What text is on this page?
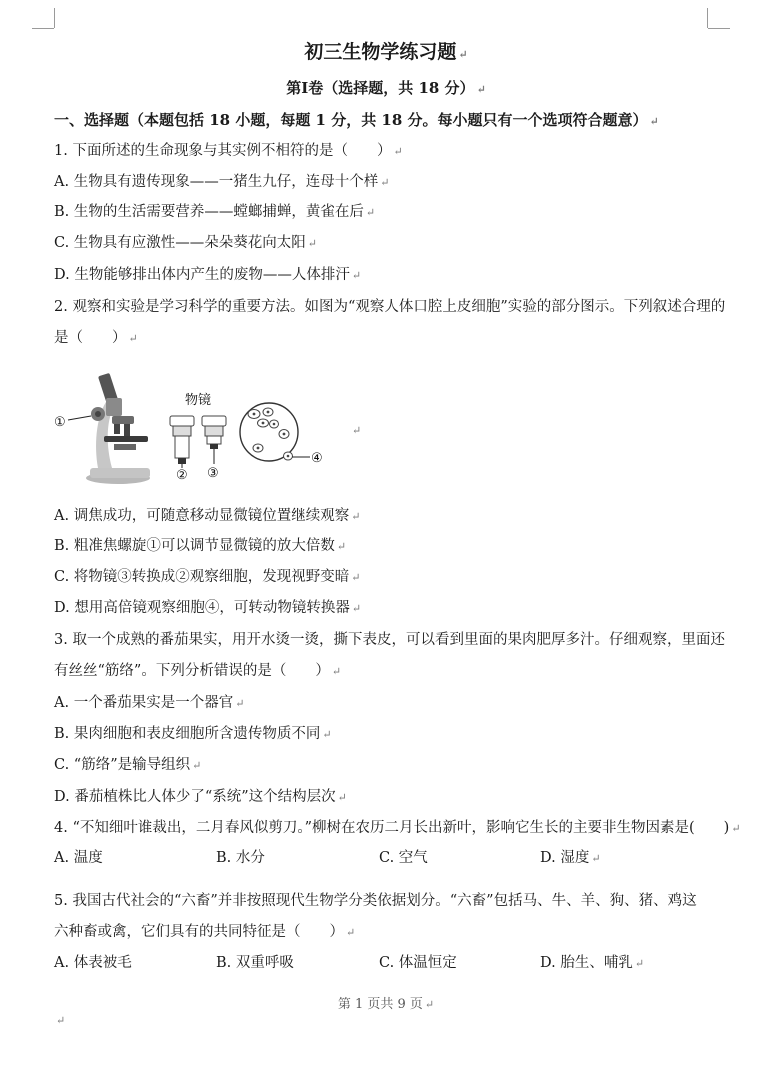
初三生物学练习题 ↵
第Ⅰ卷（选择题，共 18 分） ↵
一、选择题（本题包括 18 小题，每题 1 分，共 18 分。每小题只有一个选项符合题意） ↵
1. 下面所述的生命现象与其实例不相符的是（　　） ↵
A. 生物具有遗传现象——一猪生九仔，连母十个样 ↵
B. 生物的生活需要营养——螳螂捕蝉，黄雀在后 ↵
C. 生物具有应激性——朵朵葵花向太阳 ↵
D. 生物能够排出体内产生的废物——人体排汗 ↵
2. 观察和实验是学习科学的重要方法。如图为“观察人体口腔上皮细胞”实验的部分图示。下列叙述合理的
是（　　） ↵
①
物镜
② ③
④
↵
A. 调焦成功，可随意移动显微镜位置继续观察 ↵
B. 粗准焦螺旋①可以调节显微镜的放大倍数 ↵
C. 将物镜③转换成②观察细胞，发现视野变暗 ↵
D. 想用高倍镜观察细胞④，可转动物镜转换器 ↵
3. 取一个成熟的番茄果实，用开水烫一烫，撕下表皮，可以看到里面的果肉肥厚多汁。仔细观察，里面还
有丝丝“筋络”。下列分析错误的是（　　） ↵
A. 一个番茄果实是一个器官 ↵
B. 果肉细胞和表皮细胞所含遗传物质不同 ↵
C. “筋络”是输导组织 ↵
D. 番茄植株比人体少了“系统”这个结构层次 ↵
4. “不知细叶谁裁出，二月春风似剪刀。”柳树在农历二月长出新叶，影响它生长的主要非生物因素是(　　) ↵
A. 温度	B. 水分	C. 空气	D. 湿度 ↵
5. 我国古代社会的“六畜”并非按照现代生物学分类依据划分。“六畜”包括马、牛、羊、狗、猪、鸡这
六种畜或禽，它们具有的共同特征是（　　） ↵
A. 体表被毛	B. 双重呼吸	C. 体温恒定	D. 胎生、哺乳 ↵
第 1 页共 9 页 ↵
↵
